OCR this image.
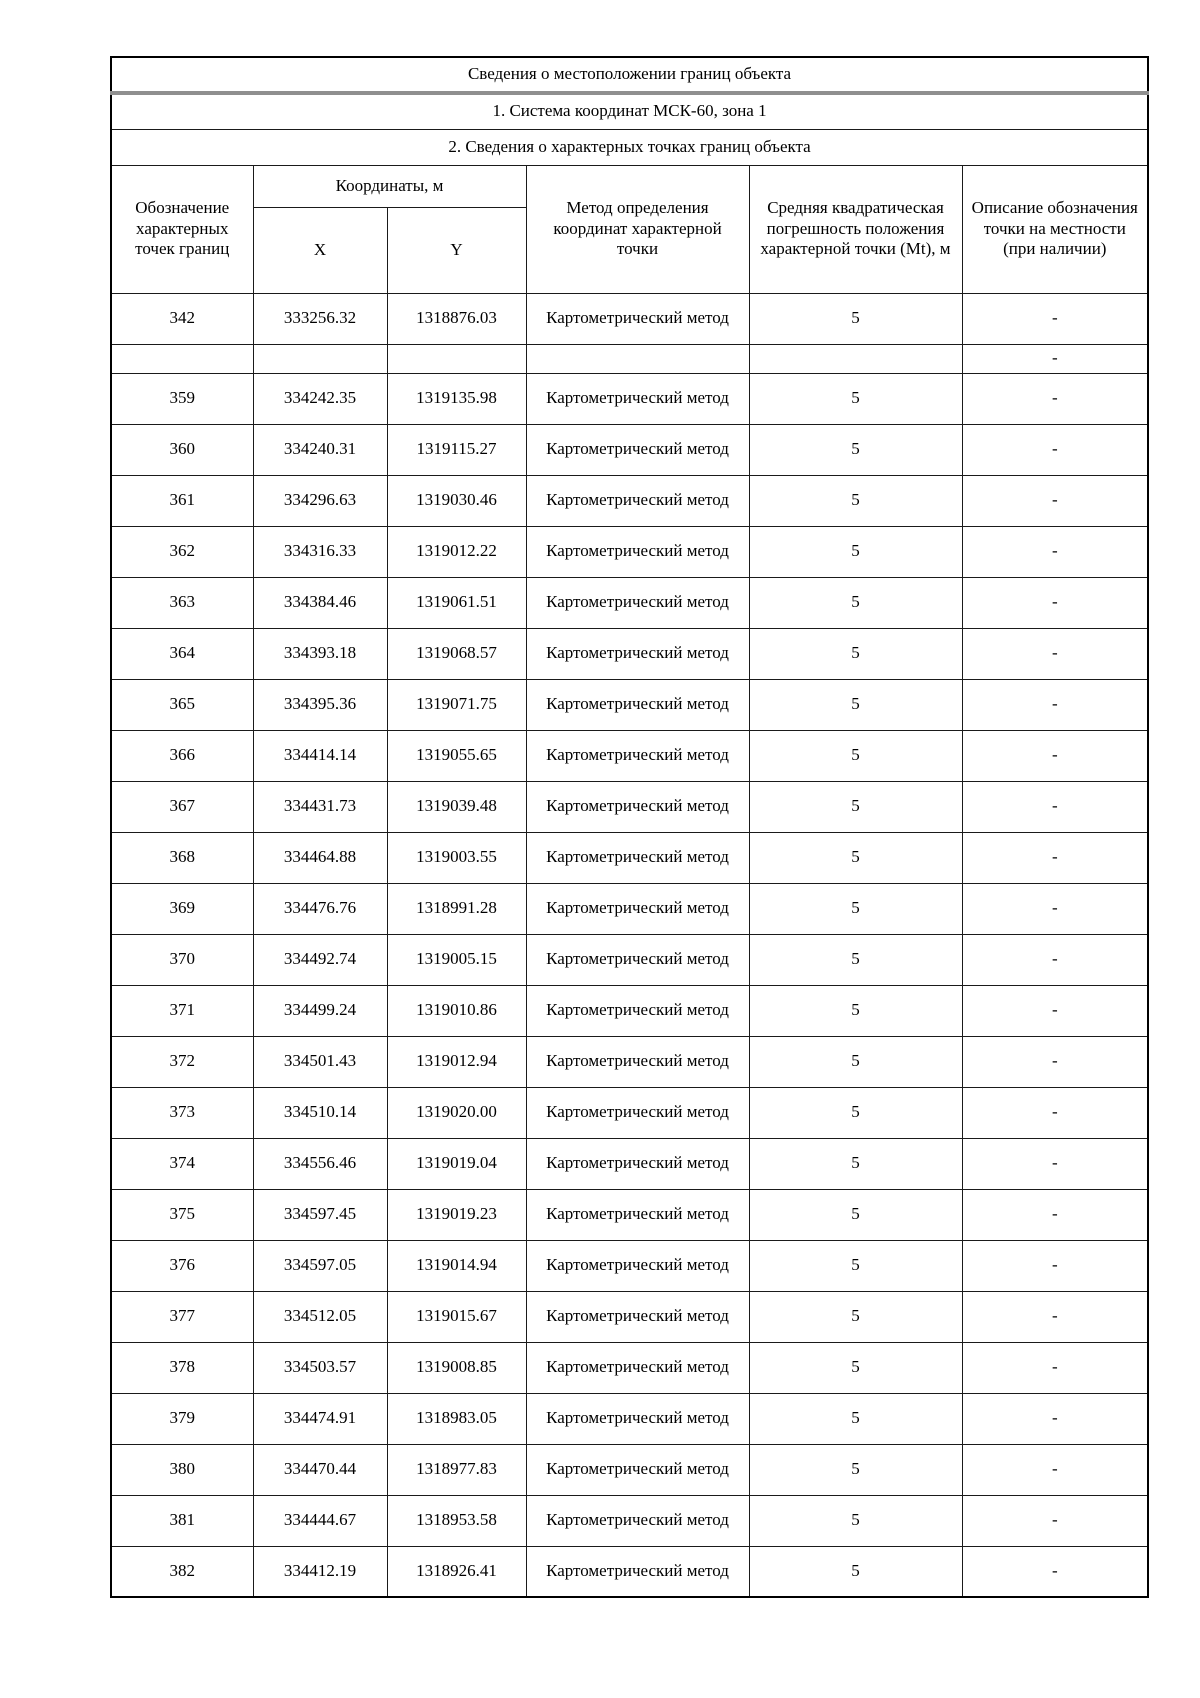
Сведения о местоположении границ объекта					
1. Система координат МСК-60, зона 1					
2. Сведения о характерных точках границ объекта					
Обозначение характерных точек границ	Координаты, м		Метод определения координат характерной точки	Средняя квадратическая погрешность положения характерной точки (Mt), м	Описание обозначения точки на местности (при наличии)
	X	Y			
342	333256.32	1318876.03	Картометрический метод	5	-
					-
359	334242.35	1319135.98	Картометрический метод	5	-
360	334240.31	1319115.27	Картометрический метод	5	-
361	334296.63	1319030.46	Картометрический метод	5	-
362	334316.33	1319012.22	Картометрический метод	5	-
363	334384.46	1319061.51	Картометрический метод	5	-
364	334393.18	1319068.57	Картометрический метод	5	-
365	334395.36	1319071.75	Картометрический метод	5	-
366	334414.14	1319055.65	Картометрический метод	5	-
367	334431.73	1319039.48	Картометрический метод	5	-
368	334464.88	1319003.55	Картометрический метод	5	-
369	334476.76	1318991.28	Картометрический метод	5	-
370	334492.74	1319005.15	Картометрический метод	5	-
371	334499.24	1319010.86	Картометрический метод	5	-
372	334501.43	1319012.94	Картометрический метод	5	-
373	334510.14	1319020.00	Картометрический метод	5	-
374	334556.46	1319019.04	Картометрический метод	5	-
375	334597.45	1319019.23	Картометрический метод	5	-
376	334597.05	1319014.94	Картометрический метод	5	-
377	334512.05	1319015.67	Картометрический метод	5	-
378	334503.57	1319008.85	Картометрический метод	5	-
379	334474.91	1318983.05	Картометрический метод	5	-
380	334470.44	1318977.83	Картометрический метод	5	-
381	334444.67	1318953.58	Картометрический метод	5	-
382	334412.19	1318926.41	Картометрический метод	5	-
